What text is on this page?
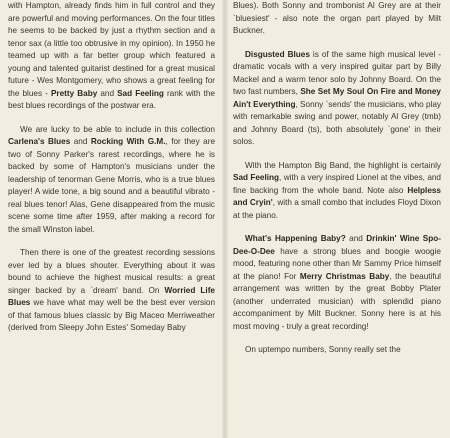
with Hampton, already finds him in full control and they are powerful and moving performances. On the four titles he seems to be backed by just a rhythm section and a tenor sax (a little too obtrusive in my opinion). In 1950 he teamed up with a far better group which featured a young and talented guitarist destined for a great musical future - Wes Montgomery, who shows a great feeling for the blues - Pretty Baby and Sad Feeling rank with the best blues recordings of the postwar era.

We are lucky to be able to include in this collection Carlena's Blues and Rocking With G.M., for they are two of Sonny Parker's rarest recordings, where he is backed by some of Hampton's musicians under the leadership of tenorman Gene Morris, who is a true blues player! A wide tone, a big sound and a beautiful vibrato - real blues tenor! Alas, Gene disappeared from the music scene some time after 1959, after making a record for the small Winston label.

Then there is one of the greatest recording sessions ever led by a blues shouter. Everything about it was bound to achieve the highest musical results: a great singer backed by a `dream' band. On Worried Life Blues we have what may well be the best ever version of that famous blues classic by Big Maceo Merriweather (derived from Sleepy John Estes' Someday Baby

Blues). Both Sonny and trombonist Al Grey are at their `bluesiest' - also note the organ part played by Milt Buckner.

Disgusted Blues is of the same high musical level - dramatic vocals with a very inspired guitar part by Billy Mackel and a warm tenor solo by Johnny Board. On the two fast numbers, She Set My Soul On Fire and Money Ain't Everything, Sonny `sends' the musicians, who play with remarkable swing and power, notably Al Grey (tmb) and Johnny Board (ts), both absolutely `gone' in their solos.

With the Hampton Big Band, the highlight is certainly Sad Feeling, with a very inspired Lionel at the vibes, and fine backing from the whole band. Note also Helpless and Cryin', with a small combo that includes Floyd Dixon at the piano.

What's Happening Baby? and Drinkin' Wine Spo-Dee-O-Dee have a strong blues and boogie woogie mood, featuring none other than Mr Sammy Price himself at the piano! For Merry Christmas Baby, the beautiful arrangement was written by the great Bobby Plater (another underrated musician) with splendid piano accompaniment by Milt Buckner. Sonny here is at his most moving - truly a great recording!

On uptempo numbers, Sonny really set the
